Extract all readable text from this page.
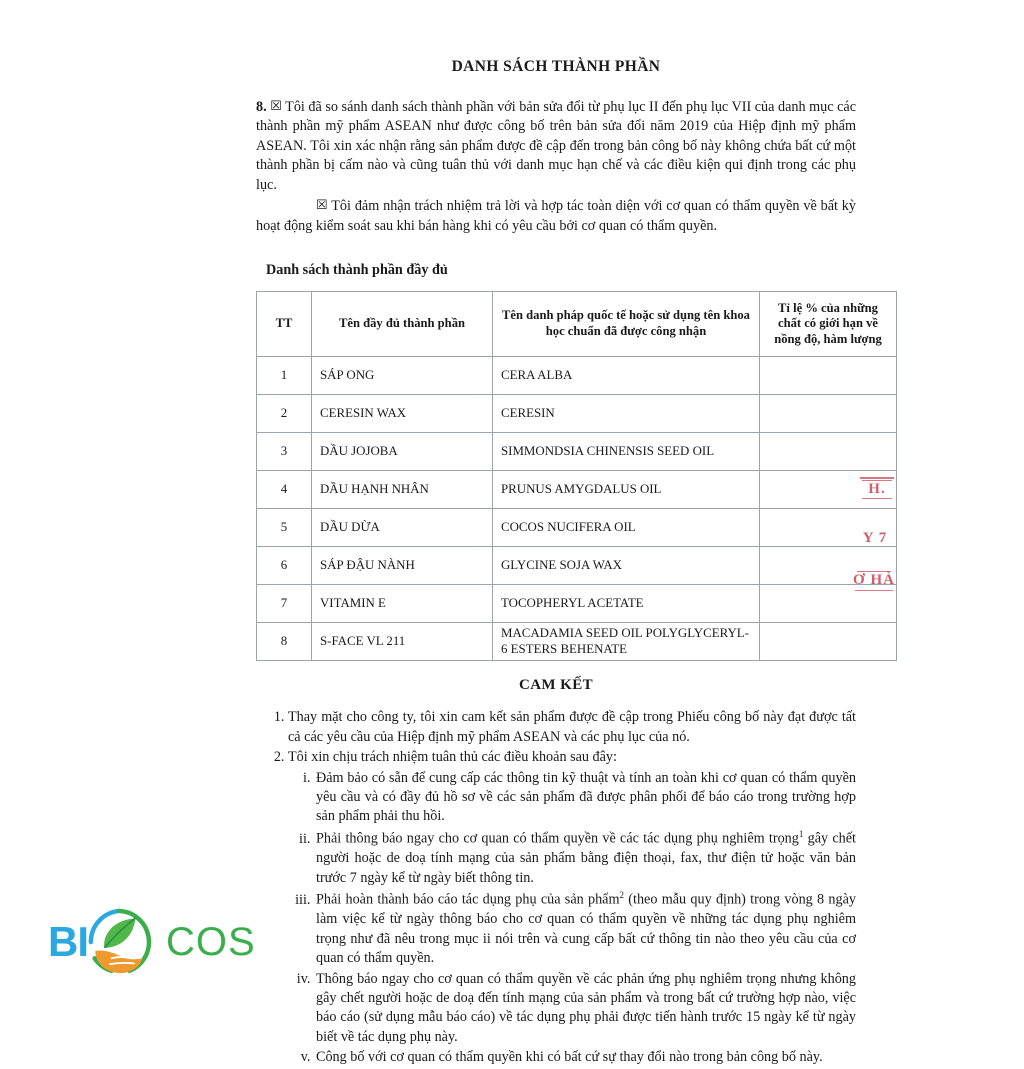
DANH SÁCH THÀNH PHẦN

8. ☒ Tôi đã so sánh danh sách thành phần với bản sửa đổi từ phụ lục II đến phụ lục VII của danh mục các thành phần mỹ phẩm ASEAN như được công bố trên bản sửa đổi năm 2019 của Hiệp định mỹ phẩm ASEAN. Tôi xin xác nhận rằng sản phẩm được đề cập đến trong bản công bố này không chứa bất cứ một thành phần bị cấm nào và cũng tuân thủ với danh mục hạn chế và các điều kiện qui định trong các phụ lục.

☒ Tôi đảm nhận trách nhiệm trả lời và hợp tác toàn diện với cơ quan có thẩm quyền về bất kỳ hoạt động kiểm soát sau khi bán hàng khi có yêu cầu bởi cơ quan có thẩm quyền.

Danh sách thành phần đầy đủ
TT	Tên đầy đủ thành phần	Tên danh pháp quốc tế hoặc sử dụng tên khoa học chuẩn đã được công nhận	Tỉ lệ % của những chất có giới hạn về nồng độ, hàm lượng
1	SÁP ONG	CERA ALBA	
2	CERESIN WAX	CERESIN	
3	DẦU JOJOBA	SIMMONDSIA CHINENSIS SEED OIL	
4	DẦU HẠNH NHÂN	PRUNUS AMYGDALUS OIL	
5	DẦU DỪA	COCOS NUCIFERA OIL	
6	SÁP ĐẬU NÀNH	GLYCINE SOJA WAX	
7	VITAMIN E	TOCOPHERYL ACETATE	
8	S-FACE VL 211	MACADAMIA SEED OIL POLYGLYCERYL-6 ESTERS BEHENATE	
CAM KẾT
1. Thay mặt cho công ty, tôi xin cam kết sản phẩm được đề cập trong Phiếu công bố này đạt được tất cả các yêu cầu của Hiệp định mỹ phẩm ASEAN và các phụ lục của nó.
2. Tôi xin chịu trách nhiệm tuân thủ các điều khoản sau đây:
i. Đảm bảo có sẵn để cung cấp các thông tin kỹ thuật và tính an toàn khi cơ quan có thẩm quyền yêu cầu và có đầy đủ hồ sơ về các sản phẩm đã được phân phối để báo cáo trong trường hợp sản phẩm phải thu hồi.
ii. Phải thông báo ngay cho cơ quan có thẩm quyền về các tác dụng phụ nghiêm trọng$^1$ gây chết người hoặc de doạ tính mạng của sản phẩm bằng điện thoại, fax, thư điện tử hoặc văn bản trước 7 ngày kể từ ngày biết thông tin.
iii. Phải hoàn thành báo cáo tác dụng phụ của sản phẩm$^2$ (theo mẫu quy định) trong vòng 8 ngày làm việc kể từ ngày thông báo cho cơ quan có thẩm quyền về những tác dụng phụ nghiêm trọng như đã nêu trong mục ii nói trên và cung cấp bất cứ thông tin nào theo yêu cầu của cơ quan có thẩm quyền.
iv. Thông báo ngay cho cơ quan có thẩm quyền về các phản ứng phụ nghiêm trọng nhưng không gây chết người hoặc de doạ đến tính mạng của sản phẩm và trong bất cứ trường hợp nào, việc báo cáo (sử dụng mẫu báo cáo) về tác dụng phụ phải được tiến hành trước 15 ngày kể từ ngày biết về tác dụng phụ này.
v. Công bố với cơ quan có thẩm quyền khi có bất cứ sự thay đổi nào trong bản công bố này.
BI COS
H.
Y 7
Ơ HÀ
